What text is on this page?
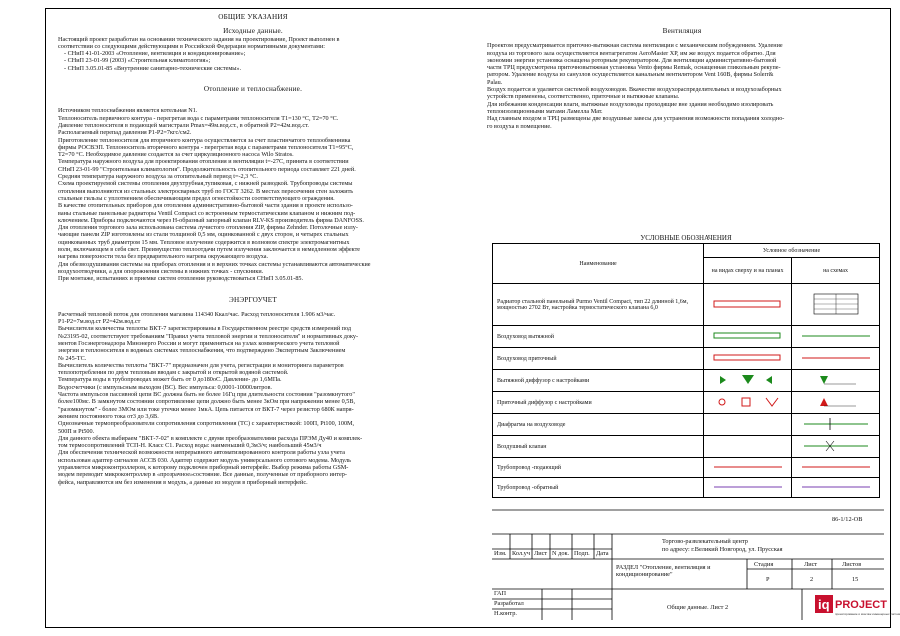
ОБЩИЕ УКАЗАНИЯ

Исходные данные.

Настоящий проект разработан на основании технического задания на проектирование, Проект выполнен в

соответствии со следующими действующими в Российской Федерации нормативными документами:

- СНиП 41-01-2003 «Отопление, вентиляция и кондиционирование»;

- СНиП 23-01-99 (2003) «Строительная климатология»;

- СНиП 3.05.01-85 «Внутренние санитарно-технические системы».

Отопление и теплоснабжение.

Источником теплоснабжения является котельная N1.

Теплоноситель первичного контура - перегретая вода с параметрами теплоносителя Т1=130 °С, Т2=70 °С.

Давление теплоносителя в подающей магистрали Рmax=49м.вод.ст., в обратной Р2=42м.вод.ст.

Располагаемый перепад давления Р1-Р2=7кгс/см2.

Приготовление теплоносителя для вторичного контура осуществляется за счет пластинчатого теплообменника

фирмы РОСВЭП. Теплоноситель вторичного контура - перегретая вода с параметрами теплоносителя Т1=95°С,

Т2=70 °С. Необходимое давление создается за счет циркуляционного насоса Wilo Stratos.

Температура наружного воздуха для проектирования отопления и вентиляции t=-27С, принята в соответствии

СНиП 23-01-99 "Строительная климатология". Продолжительность отопительного периода составляет 221 дней.

Средняя температура наружного воздуха за отопительный период t=-2,3 °С.

Схема проектируемой системы отопления двухтрубная,тупиковая, с нижней разводкой. Трубопроводы системы

отопления выполняются из стальных электросварных труб по ГОСТ 3262. В местах пересечения стен заложить

стальные гильзы с уплотнением обеспечивающим предел огнестойкости соответствующего ограждения.

В качестве отопительных приборов для отопления административно-бытовой части здания в проекте использо-

ваны стальные панельные радиаторы Ventil Compact со встроенным термостатическим клапаном и нижним под-

ключением. Приборы подключаются через Н-образный запорный клапан RLV-KS производитель фирма DANFOSS.

Для отопления торгового зала использована система лучистого отопления ZIP, фирмы Zehnder. Потолочные излу-

чающие панели ZIP изготовлены из стали толщиной 0,5 мм, оцинкованной с двух сторон, и четырех стальных

оцинкованных труб диаметром 15 мм. Тепловое излучение содержится в волновом спектре электромагнитных

волн, включающем в себя свет. Преимущество теплоотдачи путем излучения заключается в немедленном эффекте

нагрева поверхности тела без предварительного нагрева окружающего воздуха.

Для обезвоздушивания системы на приборах отопления и в верхних точках системы устанавливаются автоматические

воздухоотводчики, а для опорожнения системы в нижних точках - спускники.

При монтаже, испытаниях и приемке систем отопления руководствоваться СНиП 3.05.01-85.

ЭНЭРГОУЧЕТ

Расчетный тепловой поток для отопления магазина 114340 Ккал/час. Расход теплоносителя 1.906 м3/час.

Р1-Р2=7м.вод.ст Р2=42м.вод.ст

Вычислители количества теплоты ВКТ-7 зарегистрированы в Государственном реестре средств измерений под

№23195-02, соответствуют требованиям "Правил учета тепловой энергии и теплоносителя" и нормативных доку-

ментов Госэнергонадзора Минэнерго России и могут применяться на узлах коммерческого учета тепловой

энергии и теплоносителя в водяных системах теплоснабжения, что подтверждено Экспертным Заключением

№ 245-ТС.

Вычислитель количества теплоты "ВКТ-7" предназначен для учета, регистрации и мониторинга параметров

теплопотребления по двум тепловым вводам с закрытой и открытой водяной системой.

Температура воды в трубопроводах может быть от 0 до180оС. Давление- до 1,6МПа.

Водосчетчики (с импульсным выходом (ВС). Вес импульса: 0,0001-10000литров.

Частота импульсов пассивной цепи ВС должна быть не более 16Гц при длительности состояния "разомкнутого"

более100мс. В замкнутом состоянии сопротивление цепи должно быть менее 3кОм при напряжении менее 0,5В,

"разомкнутом" - более 3МОм или токе утечки менее 1мкА. Цепь питается от ВКТ-7 через резистор 680К напря-

жением постоянного тока от3 до 3,6В.

Однозначные термопреобразователи сопротивления сопротивления (ТС) с характеристикой: 100П, Pt100, 100М,

500П и Pt500.

Для данного обекта выбираем "ВКТ-7-02" в комплекте с двумя преобразователями расхода ПРЭМ Ду40 и комплек-

том термосопротивлений ТСП-Н. Класс С1. Расход воды: наименьший 0,3м3/ч; наибольший 45м3/ч

Для обеспечения технической возможности непрерывного автоматизированного контроля работы узла учета

использован адаптер сигналов АССВ 030. Адаптер содержит модуль универсального сотового модема. Модуль

управляется микроконтроллером, к которому подключен приборный интерфейс. Выбор режима работы GSM-

модем переводит микроконтроллер в «прозрачное»состояние. Все данные, полученные от приборного интер-

фейса, направляются им без изменения в модуль, а данные из модуля в приборный интерфейс.

Вентиляция

Проектом предусматривается приточно-вытяжная система вентиляции с механическим побуждением. Удаление

воздуха из торгового зала осуществляется вентагрегатом AeroMaster XP, им же воздух подается обратно. Для

экономии энергии установка оснащена роторным рекуператором. Для вентиляции административно-бытовой

части ТРЦ предусмотрена приточновытяжная установка Vento фирмы Remak, оснащенная гликольным рекупе-

ратором. Удаление воздуха из санузлов осуществляется канальным вентилятором Vent 160В, фирмы Solerr&

Palau.

Воздух подается и удаляется системой воздуховодов. Вкачестве воздухораспределительных и воздухозаборных

устройств применены, соответственно, приточные и вытяжные клапаны.

Для избежания конденсации влаги, вытяжные воздуховоды проходящие вне здания необходимо изолировать

теплоизоляционными матами Ламелла Мат.

Над главным входом в ТРЦ размещены две воздушные завесы для устранения возможности попадания холодно-

го воздуха в помещение.

УСЛОВНЫЕ ОБОЗНАЧЕНИЯ
Наименование	Условное обозначение	
	на видах сверху и на планах	на схемах
Радиатор стальной панельный Purmo Ventil Compact, тип 22 длинной 1,6м, мощностью 2702 Вт, настройка термостатического клапана 6,0		
Воздуховод вытяжной		
Воздуховод приточный		
Вытяжной диффузор с настройками		
Приточный диффузор с настройками		
Диафрагма на воздуховоде		
Воздушный клапан		
Трубопровод -подающий		
Трубопровод -обратный		
86-1/12-ОВ
Изм. Кол.уч Лист N док. Подп. Дата
Торгово-развлекательный центр
по адресу: г.Великий Новгород, ул. Прусская
РАЗДЕЛ "Отопление, вентиляция и кондиционирование"
Стадия	Лист	Листов
Р	2	15
ГАП
Разработал
Н.контр.
Общие данные. Лист 2	iq PROJECT
проектирование и монтаж инженерных систем
